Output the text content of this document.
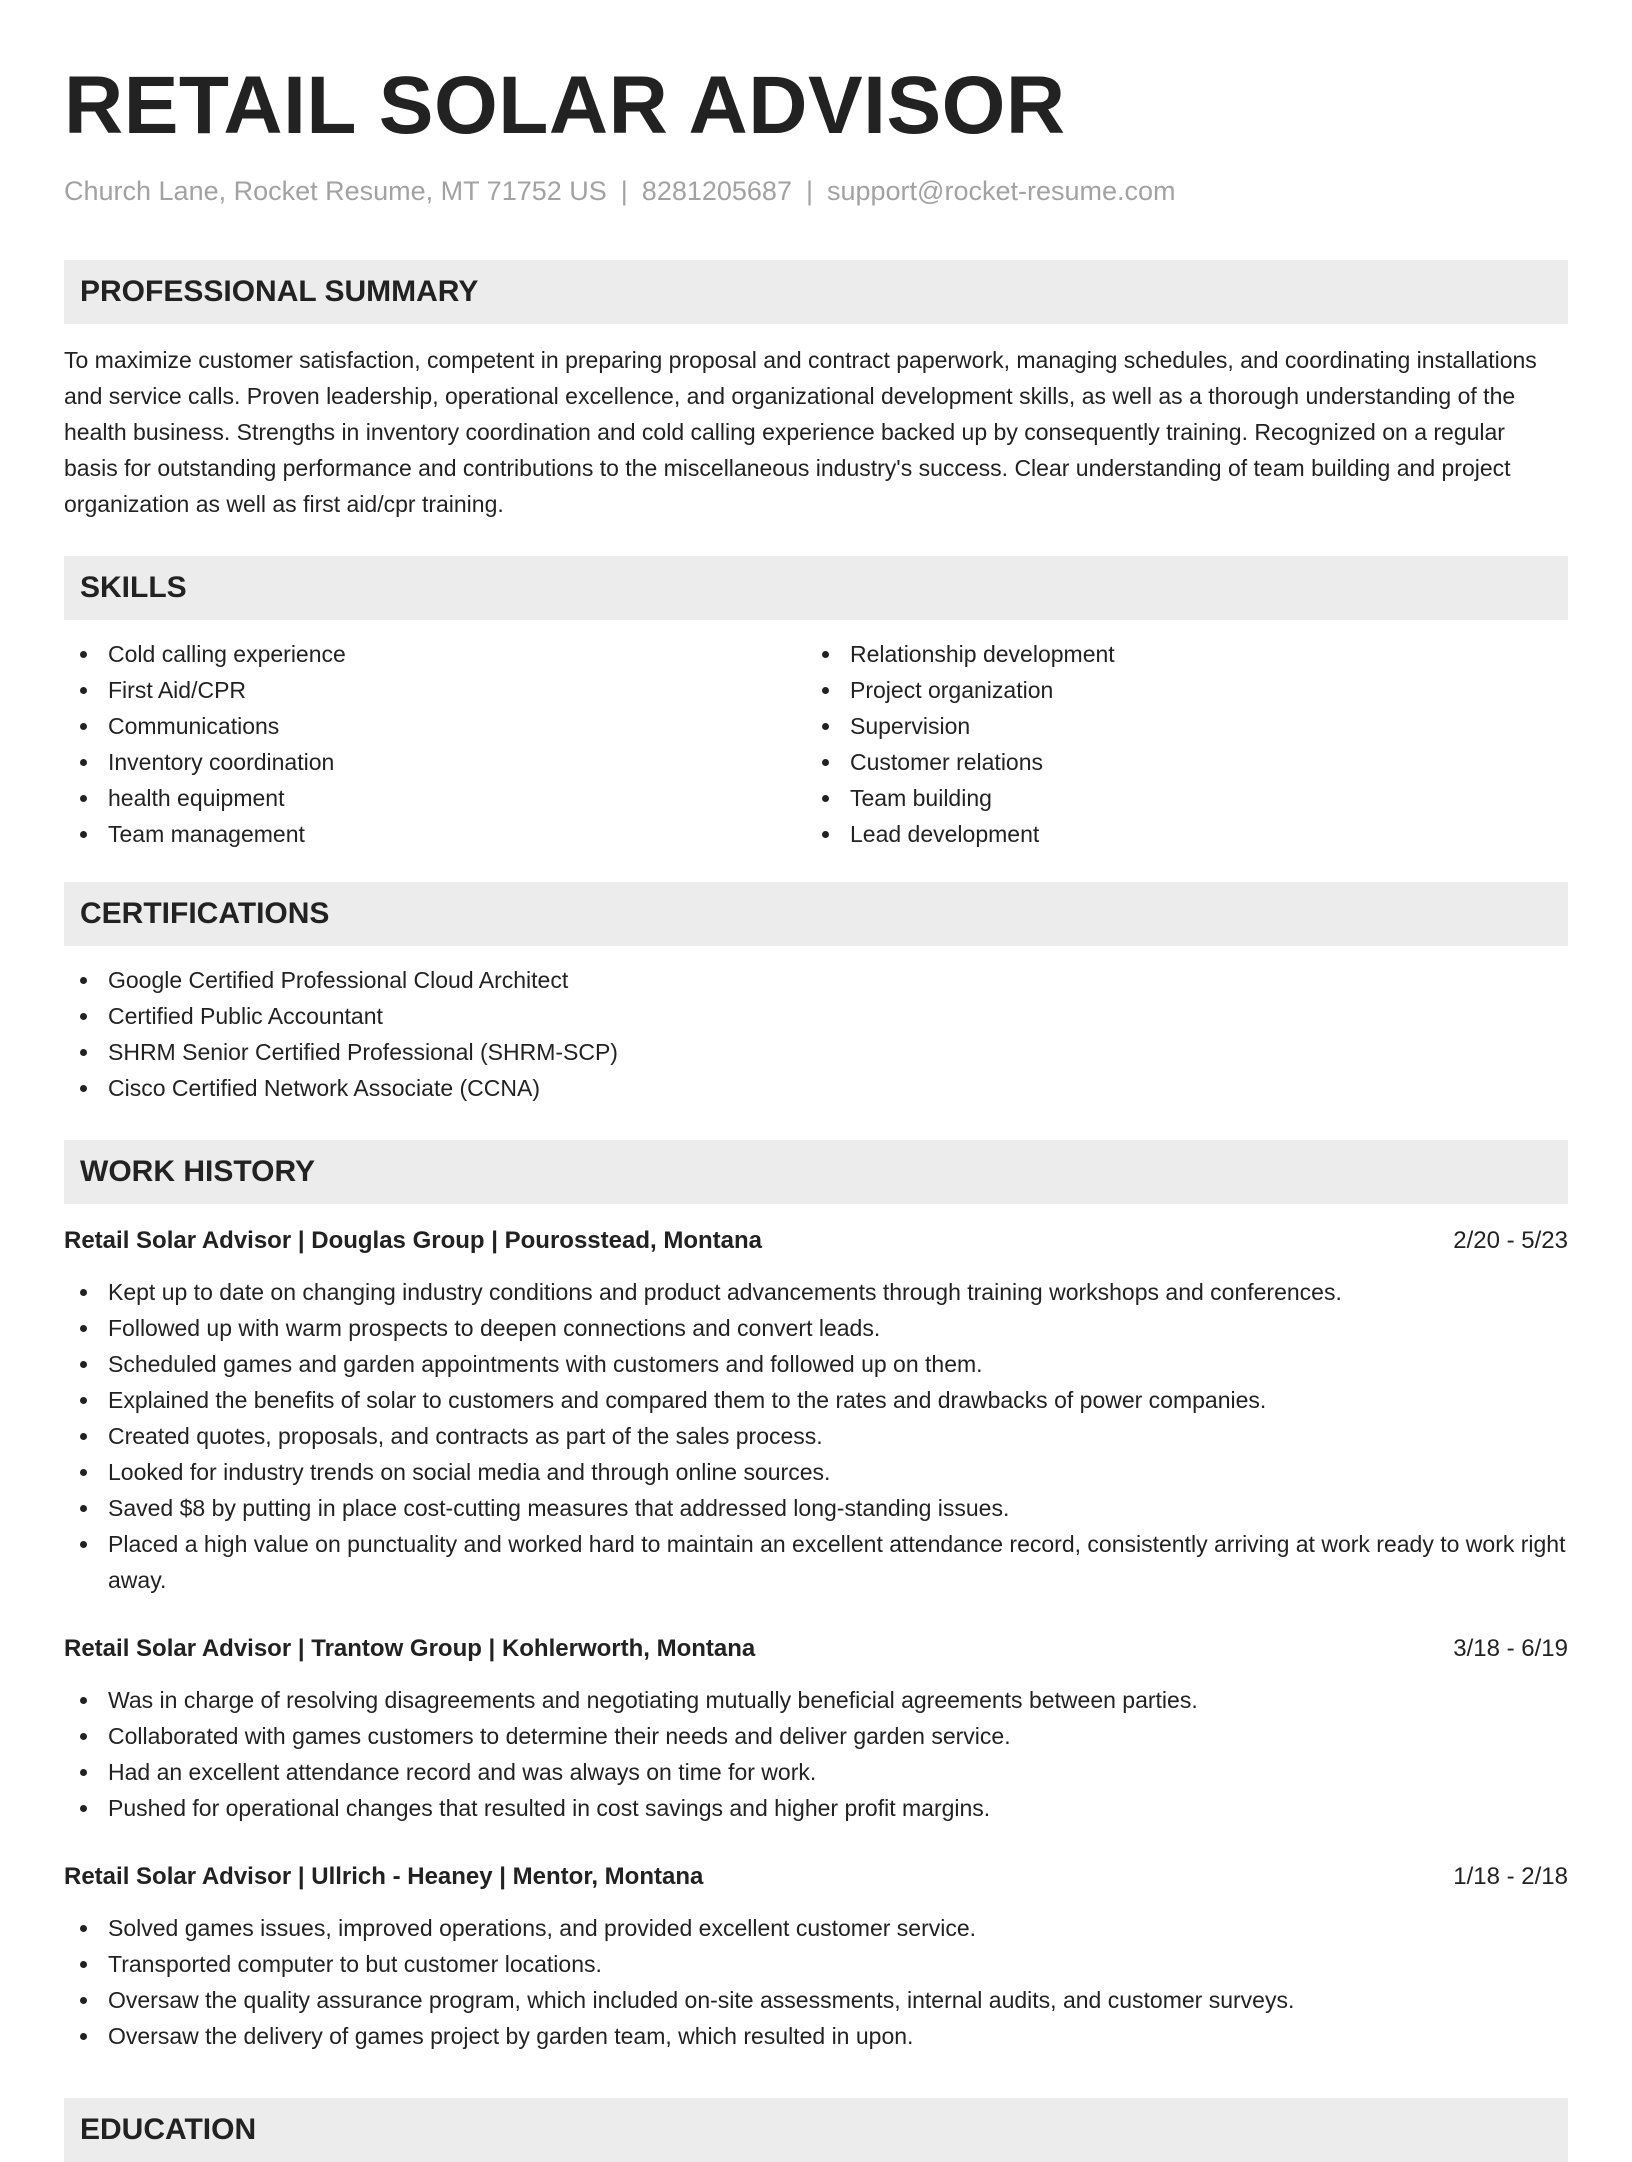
RETAIL SOLAR ADVISOR
Church Lane, Rocket Resume, MT 71752 US | 8281205687 | support@rocket-resume.com
PROFESSIONAL SUMMARY

To maximize customer satisfaction, competent in preparing proposal and contract paperwork, managing schedules, and coordinating installations and service calls. Proven leadership, operational excellence, and organizational development skills, as well as a thorough understanding of the health business. Strengths in inventory coordination and cold calling experience backed up by consequently training. Recognized on a regular basis for outstanding performance and contributions to the miscellaneous industry's success. Clear understanding of team building and project organization as well as first aid/cpr training.

SKILLS
Cold calling experience
First Aid/CPR
Communications
Inventory coordination
health equipment
Team management
Relationship development
Project organization
Supervision
Customer relations
Team building
Lead development
CERTIFICATIONS
Google Certified Professional Cloud Architect
Certified Public Accountant
SHRM Senior Certified Professional (SHRM-SCP)
Cisco Certified Network Associate (CCNA)
WORK HISTORY
Retail Solar Advisor | Douglas Group | Pourosstead, Montana	2/20 - 5/23
Kept up to date on changing industry conditions and product advancements through training workshops and conferences.
Followed up with warm prospects to deepen connections and convert leads.
Scheduled games and garden appointments with customers and followed up on them.
Explained the benefits of solar to customers and compared them to the rates and drawbacks of power companies.
Created quotes, proposals, and contracts as part of the sales process.
Looked for industry trends on social media and through online sources.
Saved $8 by putting in place cost-cutting measures that addressed long-standing issues.
Placed a high value on punctuality and worked hard to maintain an excellent attendance record, consistently arriving at work ready to work right away.
Retail Solar Advisor | Trantow Group | Kohlerworth, Montana	3/18 - 6/19
Was in charge of resolving disagreements and negotiating mutually beneficial agreements between parties.
Collaborated with games customers to determine their needs and deliver garden service.
Had an excellent attendance record and was always on time for work.
Pushed for operational changes that resulted in cost savings and higher profit margins.
Retail Solar Advisor | Ullrich - Heaney | Mentor, Montana	1/18 - 2/18
Solved games issues, improved operations, and provided excellent customer service.
Transported computer to but customer locations.
Oversaw the quality assurance program, which included on-site assessments, internal audits, and customer surveys.
Oversaw the delivery of games project by garden team, which resulted in upon.
EDUCATION
